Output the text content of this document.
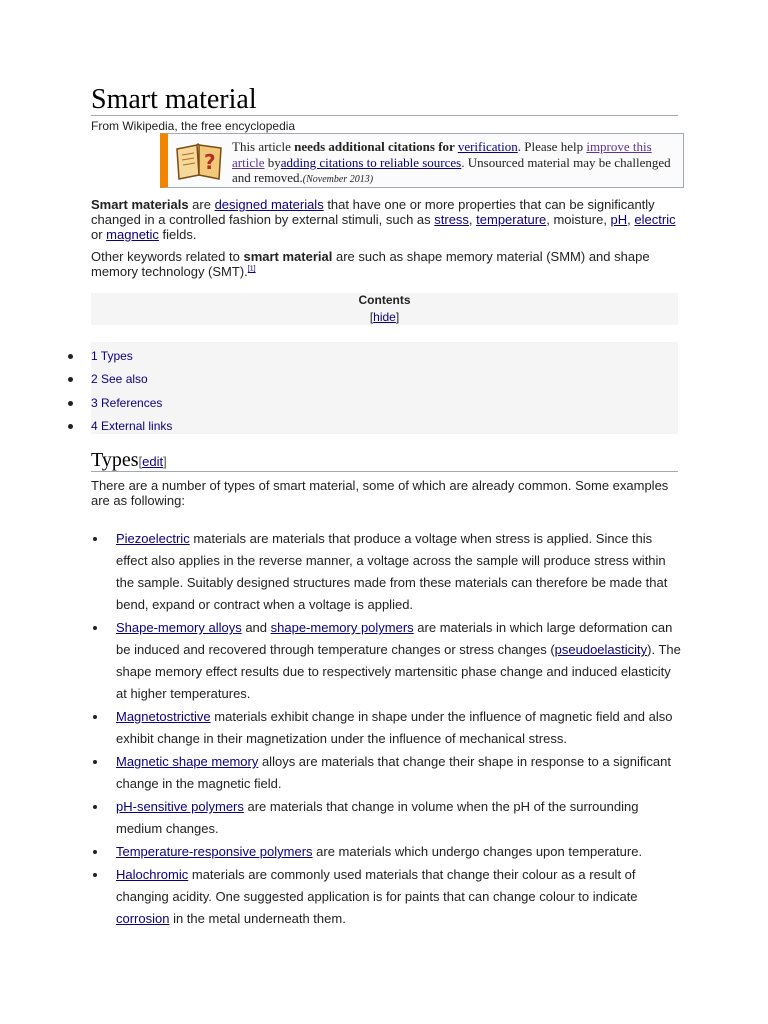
Smart material
From Wikipedia, the free encyclopedia
?
This article needs additional citations for verification. Please help improve this article byadding citations to reliable sources. Unsourced material may be challenged and removed.(November 2013)

Smart materials are designed materials that have one or more properties that can be significantly changed in a controlled fashion by external stimuli, such as stress, temperature, moisture, pH, electric or magnetic fields.

Other keywords related to smart material are such as shape memory material (SMM) and shape memory technology (SMT).[1]

Contents
[hide]
1 Types
2 See also
3 References
4 External links
Types[edit]

There are a number of types of smart material, some of which are already common. Some examples are as following:

Piezoelectric materials are materials that produce a voltage when stress is applied. Since this effect also applies in the reverse manner, a voltage across the sample will produce stress within the sample. Suitably designed structures made from these materials can therefore be made that bend, expand or contract when a voltage is applied.
Shape-memory alloys and shape-memory polymers are materials in which large deformation can be induced and recovered through temperature changes or stress changes (pseudoelasticity). The shape memory effect results due to respectively martensitic phase change and induced elasticity at higher temperatures.
Magnetostrictive materials exhibit change in shape under the influence of magnetic field and also exhibit change in their magnetization under the influence of mechanical stress.
Magnetic shape memory alloys are materials that change their shape in response to a significant change in the magnetic field.
pH-sensitive polymers are materials that change in volume when the pH of the surrounding medium changes.
Temperature-responsive polymers are materials which undergo changes upon temperature.
Halochromic materials are commonly used materials that change their colour as a result of changing acidity. One suggested application is for paints that can change colour to indicate corrosion in the metal underneath them.
